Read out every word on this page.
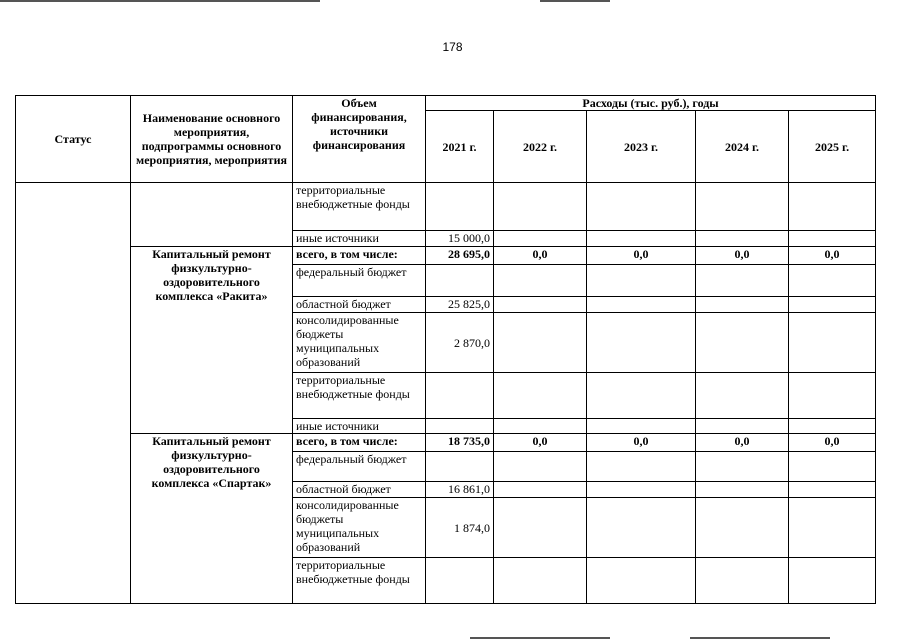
178
Статус	Наименование основного мероприятия, подпрограммы основного мероприятия, мероприятия	Объем финансирования, источники финансирования	Расходы (тыс. руб.), годы				
			2021 г.	2022 г.	2023 г.	2024 г.	2025 г.
		территориальные внебюджетные фонды					
		иные источники	15 000,0				
	Капитальный ремонт физкультурно-оздоровительного комплекса «Ракита»	всего, в том числе:	28 695,0	0,0	0,0	0,0	0,0
		федеральный бюджет					
		областной бюджет	25 825,0				
		консолидированные бюджеты муниципальных образований	2 870,0				
		территориальные внебюджетные фонды					
		иные источники					
	Капитальный ремонт физкультурно-оздоровительного комплекса «Спартак»	всего, в том числе:	18 735,0	0,0	0,0	0,0	0,0
		федеральный бюджет					
		областной бюджет	16 861,0				
		консолидированные бюджеты муниципальных образований	1 874,0				
		территориальные внебюджетные фонды					
